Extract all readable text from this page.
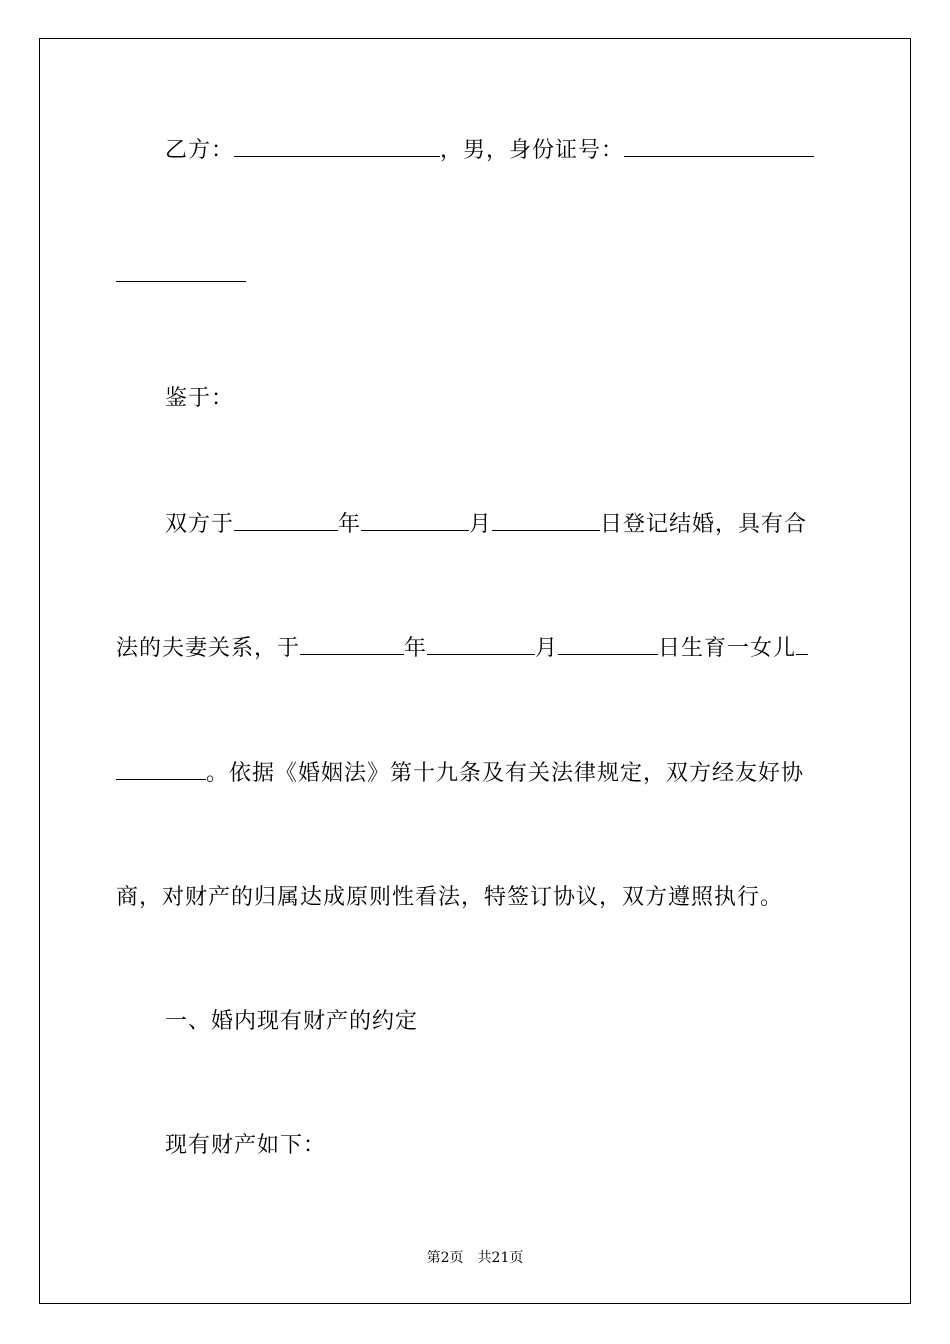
乙方：	，男，身份证号：
鉴于：
双方于	年	月	日登记结婚，具有合
法的夫妻关系，于	年	月	日生育一女儿
。依据《婚姻法》第十九条及有关法律规定，双方经友好协
商，对财产的归属达成原则性看法，特签订协议，双方遵照执行。
一、婚内现有财产的约定
现有财产如下：
第2页 共21页
